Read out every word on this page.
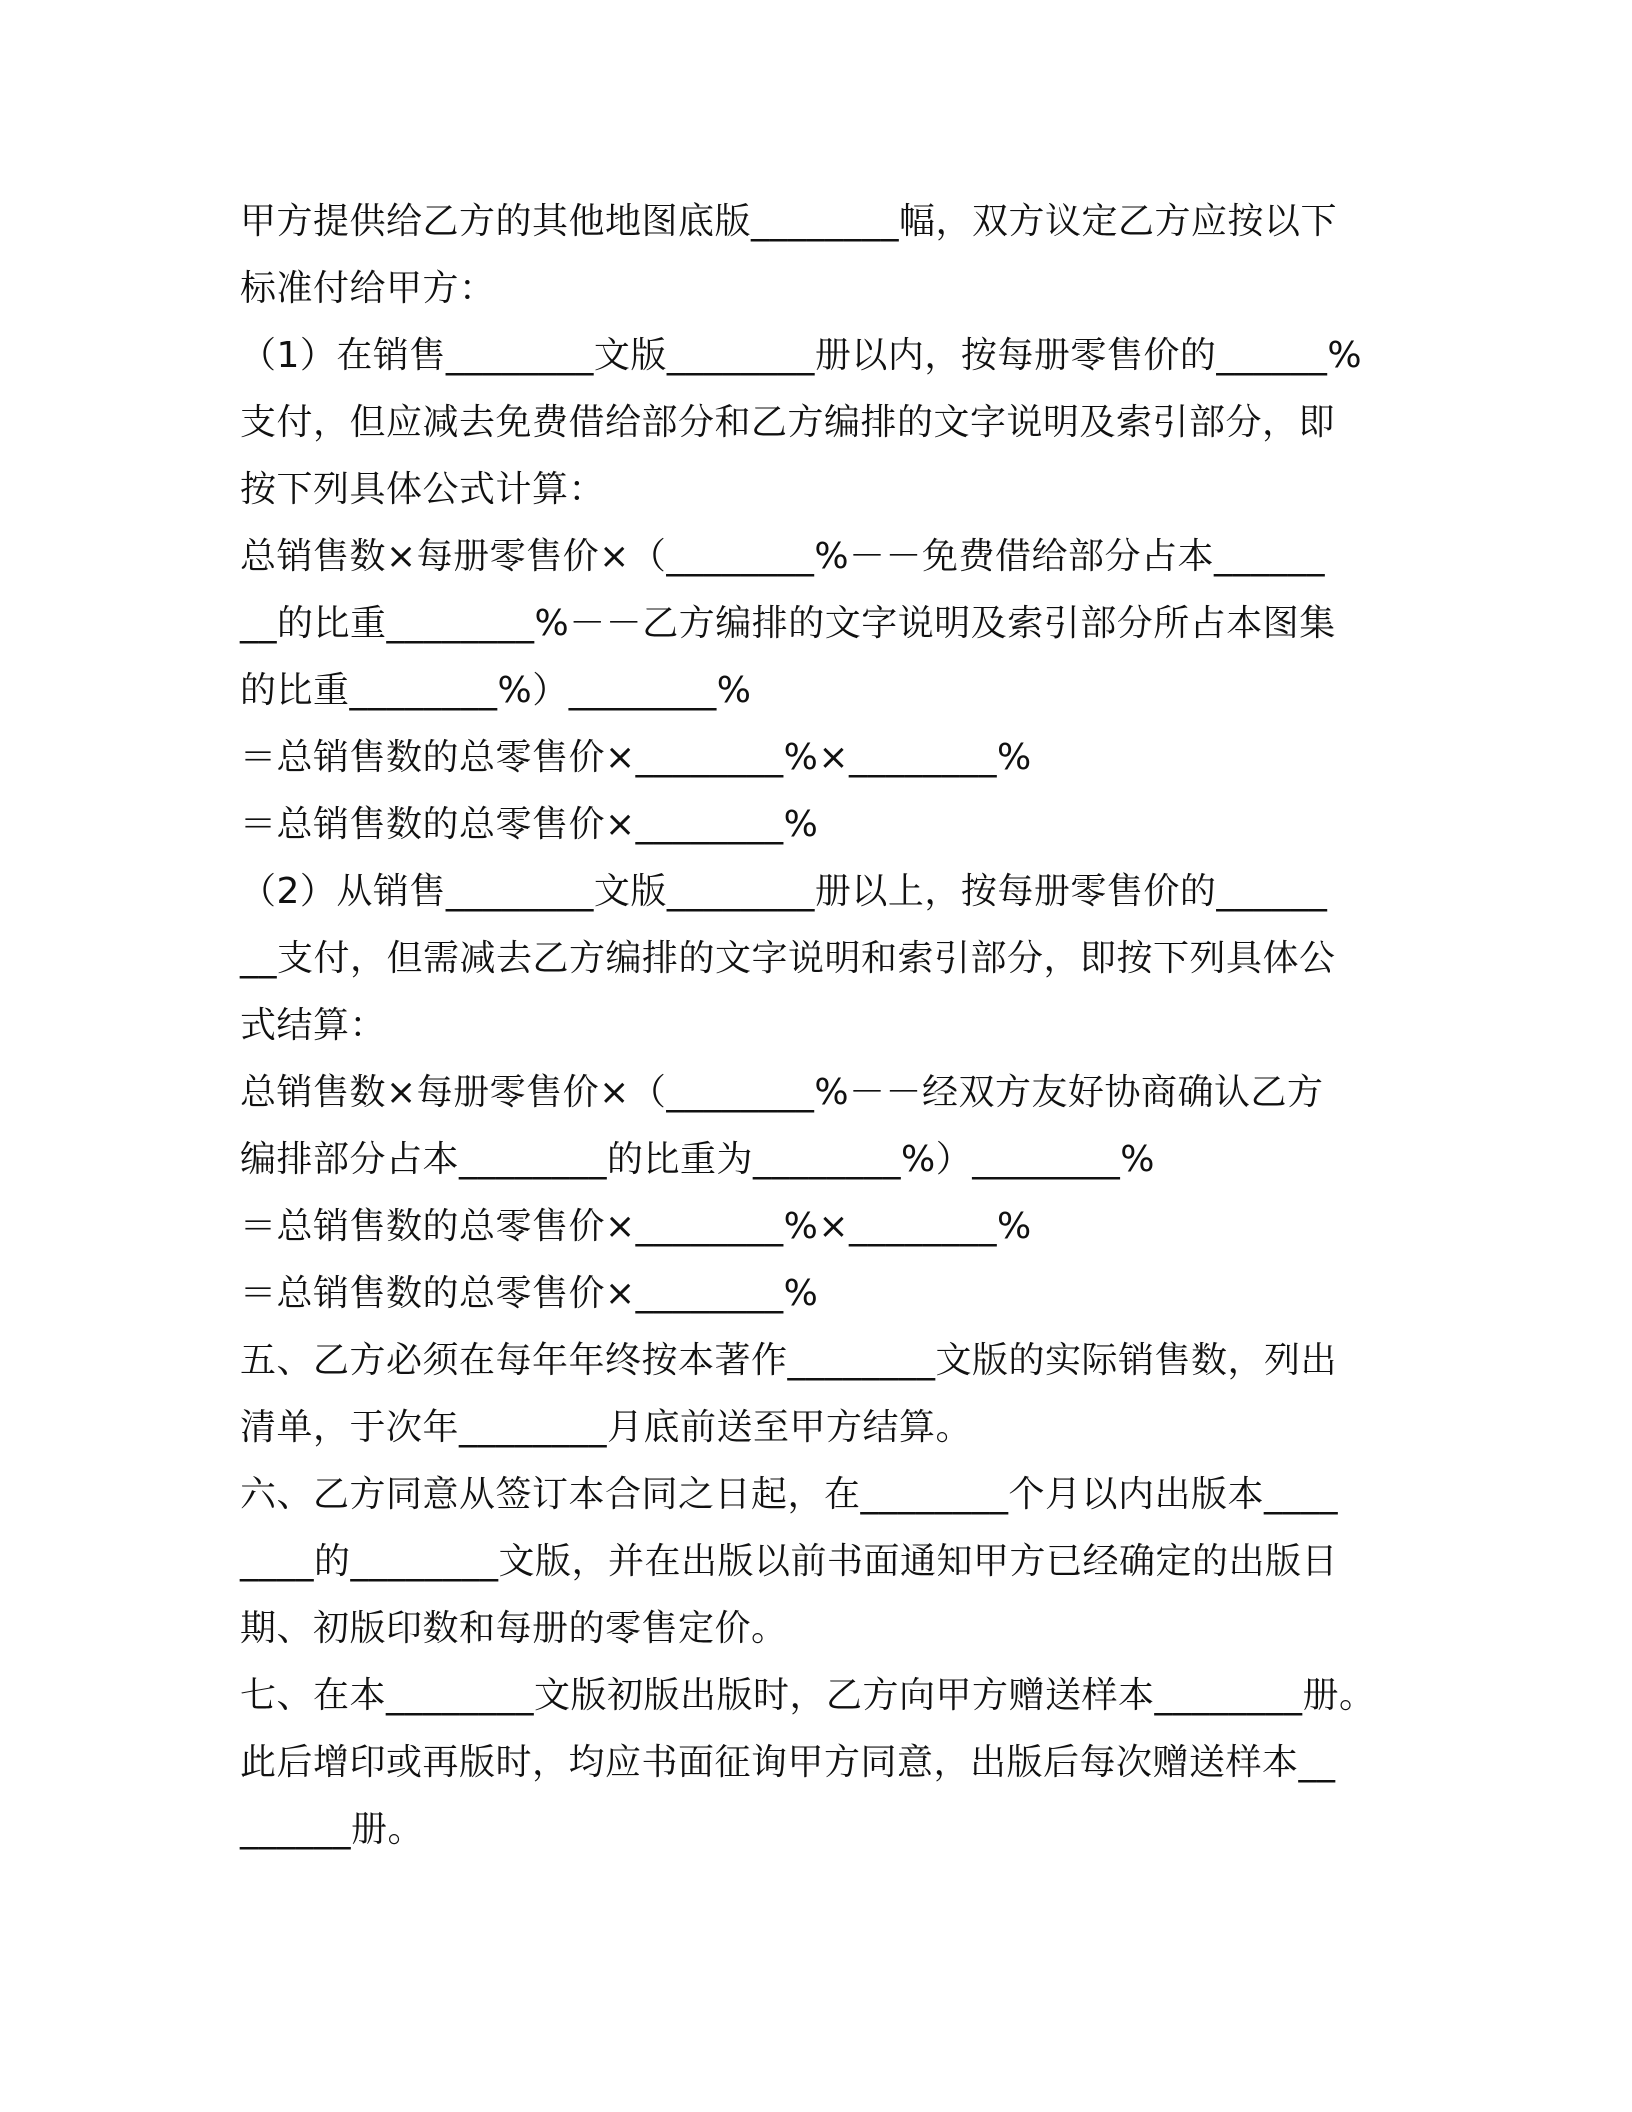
甲方提供给乙方的其他地图底版________幅，双方议定乙方应按以下
标准付给甲方：
（1）在销售________文版________册以内，按每册零售价的______%
支付，但应减去免费借给部分和乙方编排的文字说明及索引部分，即
按下列具体公式计算：
总销售数×每册零售价×（________%－－免费借给部分占本______
__的比重________%－－乙方编排的文字说明及索引部分所占本图集
的比重________%）________%
＝总销售数的总零售价×________%×________%
＝总销售数的总零售价×________%
（2）从销售________文版________册以上，按每册零售价的______
__支付，但需减去乙方编排的文字说明和索引部分，即按下列具体公
式结算：
总销售数×每册零售价×（________%－－经双方友好协商确认乙方
编排部分占本________的比重为________%）________%
＝总销售数的总零售价×________%×________%
＝总销售数的总零售价×________%
五、乙方必须在每年年终按本著作________文版的实际销售数，列出
清单，于次年________月底前送至甲方结算。
六、乙方同意从签订本合同之日起，在________个月以内出版本____
____的________文版，并在出版以前书面通知甲方已经确定的出版日
期、初版印数和每册的零售定价。
七、在本________文版初版出版时，乙方向甲方赠送样本________册。
此后增印或再版时，均应书面征询甲方同意，出版后每次赠送样本__
______册。
